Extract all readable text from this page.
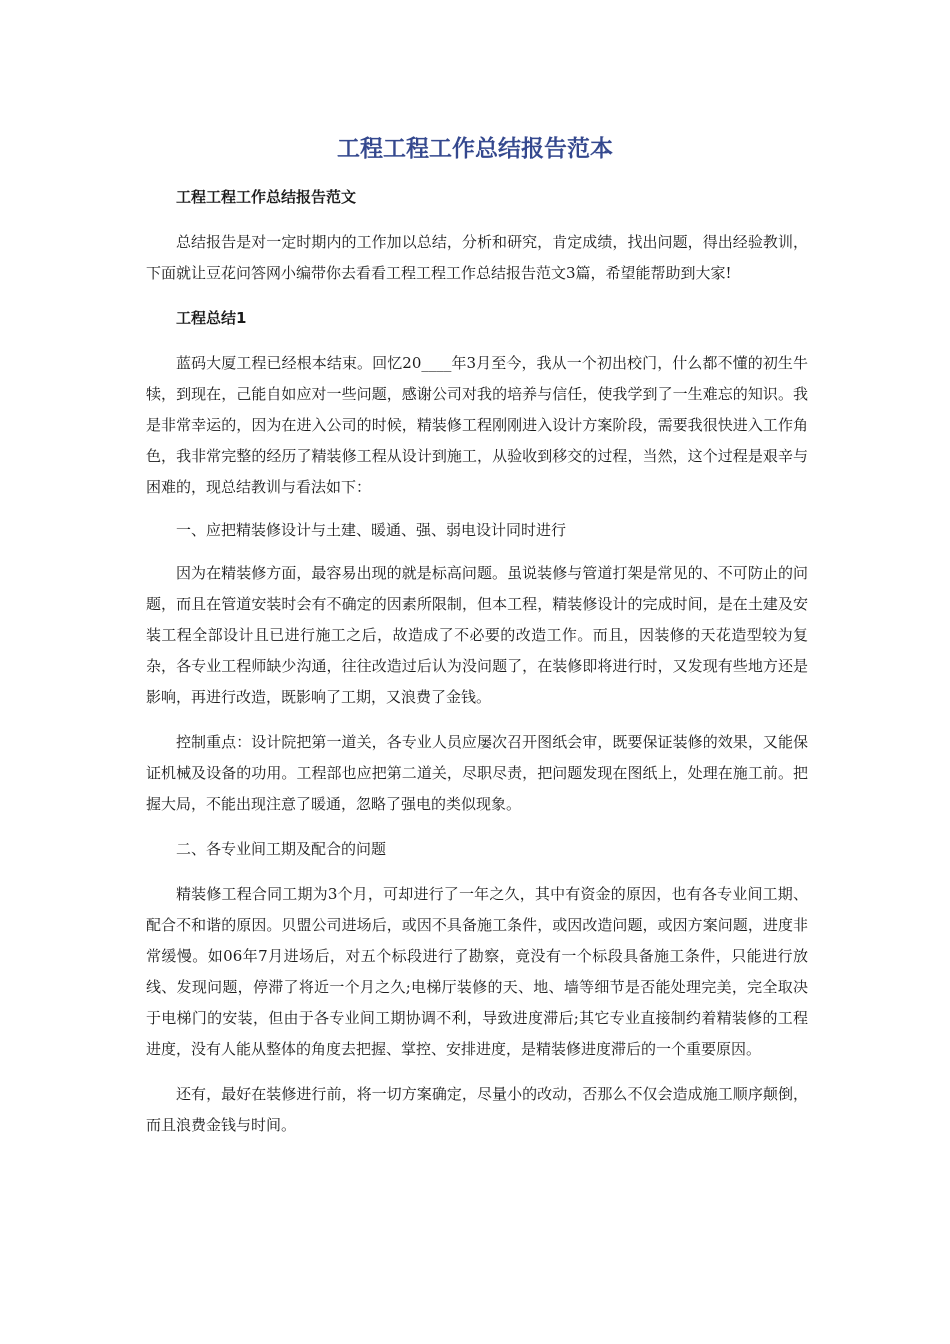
工程工程工作总结报告范本

工程工程工作总结报告范文

总结报告是对一定时期内的工作加以总结，分析和研究，肯定成绩，找出问题，得出经验教训，下面就让豆花问答网小编带你去看看工程工程工作总结报告范文3篇，希望能帮助到大家!

工程总结1

蓝码大厦工程已经根本结束。回忆20____年3月至今，我从一个初出校门，什么都不懂的初生牛犊，到现在，己能自如应对一些问题，感谢公司对我的培养与信任，使我学到了一生难忘的知识。我是非常幸运的，因为在进入公司的时候，精装修工程刚刚进入设计方案阶段，需要我很快进入工作角色，我非常完整的经历了精装修工程从设计到施工，从验收到移交的过程，当然，这个过程是艰辛与困难的，现总结教训与看法如下：

一、应把精装修设计与土建、暖通、强、弱电设计同时进行

因为在精装修方面，最容易出现的就是标高问题。虽说装修与管道打架是常见的、不可防止的问题，而且在管道安装时会有不确定的因素所限制，但本工程，精装修设计的完成时间，是在土建及安装工程全部设计且已进行施工之后，故造成了不必要的改造工作。而且，因装修的天花造型较为复杂，各专业工程师缺少沟通，往往改造过后认为没问题了，在装修即将进行时，又发现有些地方还是影响，再进行改造，既影响了工期，又浪费了金钱。

控制重点：设计院把第一道关，各专业人员应屡次召开图纸会审，既要保证装修的效果，又能保证机械及设备的功用。工程部也应把第二道关，尽职尽责，把问题发现在图纸上，处理在施工前。把握大局，不能出现注意了暖通，忽略了强电的类似现象。

二、各专业间工期及配合的问题

精装修工程合同工期为3个月，可却进行了一年之久，其中有资金的原因，也有各专业间工期、配合不和谐的原因。贝盟公司进场后，或因不具备施工条件，或因改造问题，或因方案问题，进度非常缓慢。如06年7月进场后，对五个标段进行了勘察，竟没有一个标段具备施工条件，只能进行放线、发现问题，停滞了将近一个月之久;电梯厅装修的天、地、墙等细节是否能处理完美，完全取决于电梯门的安装，但由于各专业间工期协调不利，导致进度滞后;其它专业直接制约着精装修的工程进度，没有人能从整体的角度去把握、掌控、安排进度，是精装修进度滞后的一个重要原因。

还有，最好在装修进行前，将一切方案确定，尽量小的改动，否那么不仅会造成施工顺序颠倒，而且浪费金钱与时间。
